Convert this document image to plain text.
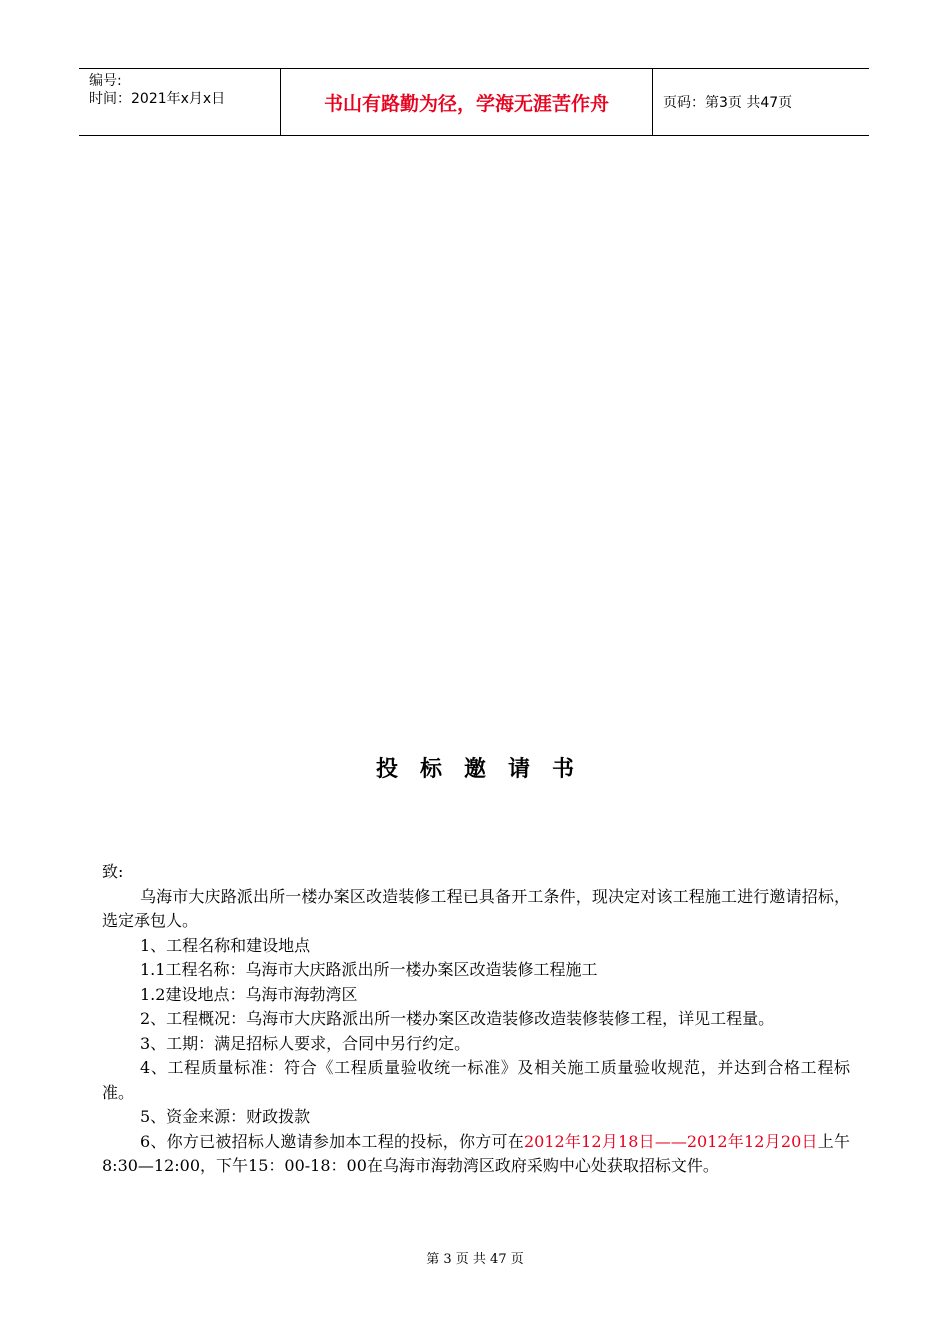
编号:
时间：2021年x月x日	书山有路勤为径，学海无涯苦作舟	页码：第3页 共47页
投标邀请书

致:

乌海市大庆路派出所一楼办案区改造装修工程已具备开工条件，现决定对该工程施工进行邀请招标，选定承包人。

1、工程名称和建设地点

1.1工程名称：乌海市大庆路派出所一楼办案区改造装修工程施工

1.2建设地点：乌海市海勃湾区

2、工程概况：乌海市大庆路派出所一楼办案区改造装修改造装修装修工程，详见工程量。

3、工期：满足招标人要求，合同中另行约定。

4、工程质量标准：符合《工程质量验收统一标准》及相关施工质量验收规范，并达到合格工程标准。

5、资金来源：财政拨款

6、你方已被招标人邀请参加本工程的投标，你方可在2012年12月18日——2012年12月20日上午8:30—12:00，下午15：00-18：00在乌海市海勃湾区政府采购中心处获取招标文件。

第 3 页 共 47 页
